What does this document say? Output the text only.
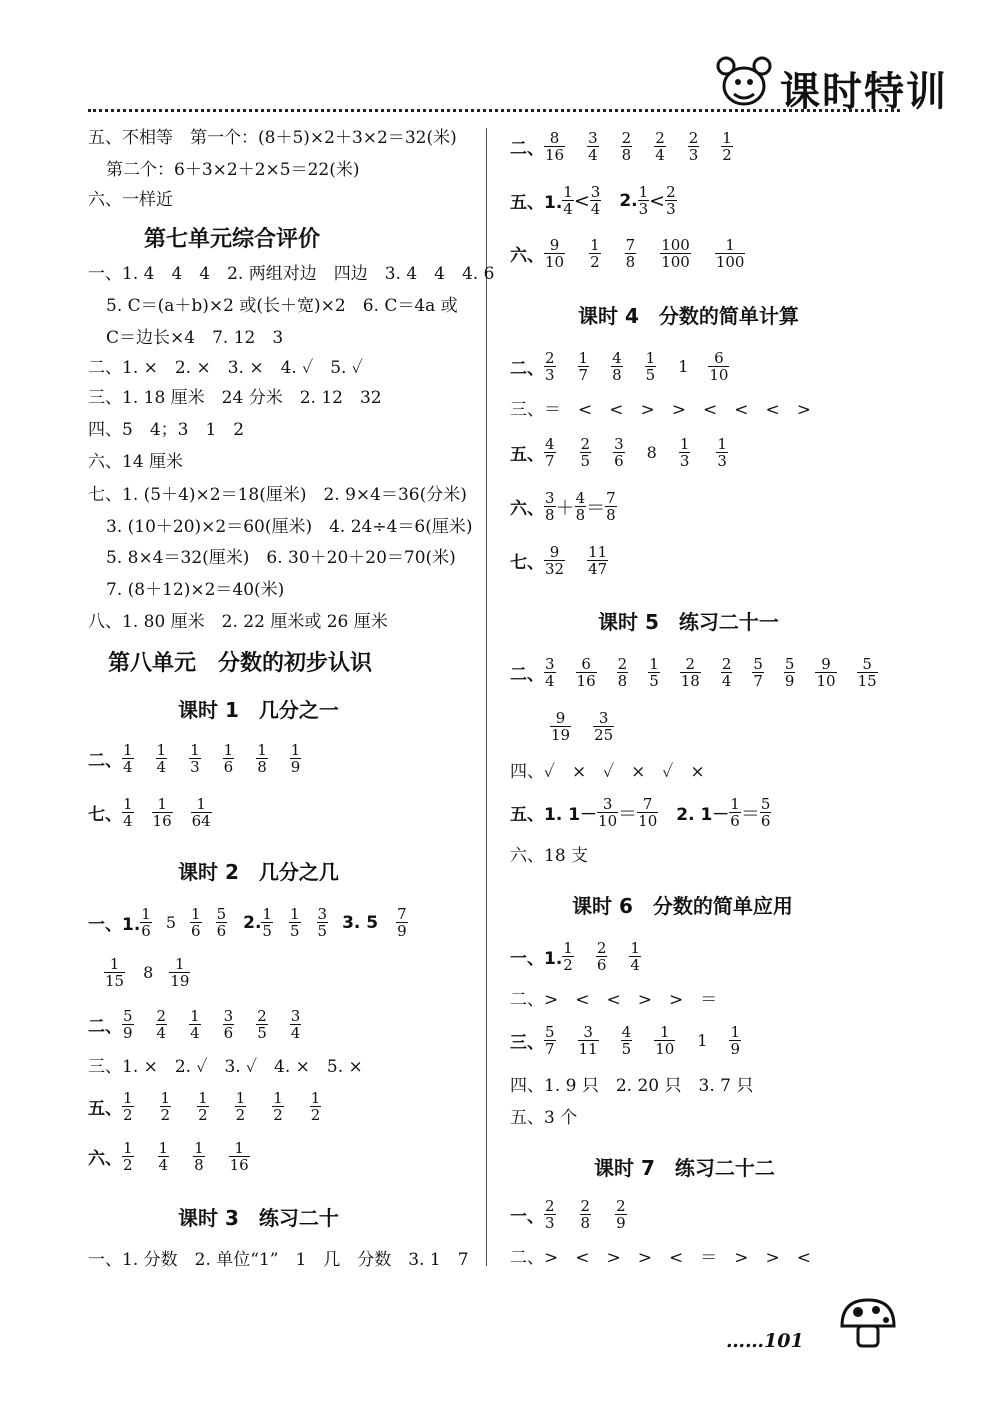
课时特训
五、不相等　第一个：(8＋5)×2＋3×2＝32(米)
第二个：6＋3×2＋2×5＝22(米)
六、一样近
第七单元综合评价
一、1. 4　4　4　2. 两组对边　四边　3. 4　4　4. 6
5. C＝(a＋b)×2 或(长＋宽)×2　6. C＝4a 或
C＝边长×4　7. 12　3
二、1. ×　2. ×　3. ×　4. ✓　5. ✓
三、1. 18 厘米　24 分米　2. 12　32
四、5　4；3　1　2
六、14 厘米
七、1. (5＋4)×2＝18(厘米)　2. 9×4＝36(分米)
3. (10＋20)×2＝60(厘米)　4. 24÷4＝6(厘米)
5. 8×4＝32(厘米)　6. 30＋20＋20＝70(米)
7. (8＋12)×2＝40(米)
八、1. 80 厘米　2. 22 厘米或 26 厘米
第八单元　分数的初步认识
课时 1　几分之一
二、 $\frac{1}{4} \frac{1}{4} \frac{1}{3} \frac{1}{6} \frac{1}{8} \frac{1}{9}$
七、 $\frac{1}{4} \frac{1}{16} \frac{1}{64}$
课时 2　几分之几
一、1. $\frac{1}{6} 5 \frac{1}{6} \frac{5}{6} 2$. $\frac{1}{5} \frac{1}{5} \frac{3}{5} 3$. $5 \frac{7}{9}$
$\frac{1}{15} 8 \frac{1}{19}$
二、 $\frac{5}{9} \frac{2}{4} \frac{1}{4} \frac{3}{6} \frac{2}{5} \frac{3}{4}$
三、1. ×　2. ✓　3. ✓　4. ×　5. ×
五、 $\frac{1}{2} \frac{1}{2} \frac{1}{2} \frac{1}{2} \frac{1}{2} \frac{1}{2}$
六、 $\frac{1}{2} \frac{1}{4} \frac{1}{8} \frac{1}{16}$
课时 3　练习二十
一、1. 分数　2. 单位“1”　1　几　分数　3. 1　7
二、 $\frac{8}{16} \frac{3}{4} \frac{2}{8} \frac{2}{4} \frac{2}{3} \frac{1}{2}$
五、1. $\frac{1}{4} < \frac{3}{4} 2$. $\frac{1}{3} < \frac{2}{3}$
六、 $\frac{9}{10} \frac{1}{2} \frac{7}{8} \frac{100}{100} \frac{1}{100}$
课时 4　分数的简单计算
二、 $\frac{2}{3} \frac{1}{7} \frac{4}{8} \frac{1}{5} 1 \frac{6}{10}$
三、＝　<　<　>　>　<　<　<　>
五、 $\frac{4}{7} \frac{2}{5} \frac{3}{6} 8 \frac{1}{3} \frac{1}{3}$
六、 $\frac{3}{8} + \frac{4}{8} = \frac{7}{8}$
七、 $\frac{9}{32} \frac{11}{47}$
课时 5　练习二十一
二、 $\frac{3}{4} \frac{6}{16} \frac{2}{8} \frac{1}{5} \frac{2}{18} \frac{2}{4} \frac{5}{7} \frac{5}{9} \frac{9}{10} \frac{5}{15}$
$\frac{9}{19} \frac{3}{25}$
四、✓　×　✓　×　✓　×
五、1. $1- \frac{3}{10} = \frac{7}{10} 2$. $1- \frac{1}{6} = \frac{5}{6}$
六、18 支
课时 6　分数的简单应用
一、1. $\frac{1}{2} \frac{2}{6} \frac{1}{4}$
二、>　<　<　>　>　＝
三、 $\frac{5}{7} \frac{3}{11} \frac{4}{5} \frac{1}{10} 1 \frac{1}{9}$
四、1. 9 只　2. 20 只　3. 7 只
五、3 个
课时 7　练习二十二
一、 $\frac{2}{3} \frac{2}{8} \frac{2}{9}$
二、>　<　>　>　<　＝　>　>　<
……101
